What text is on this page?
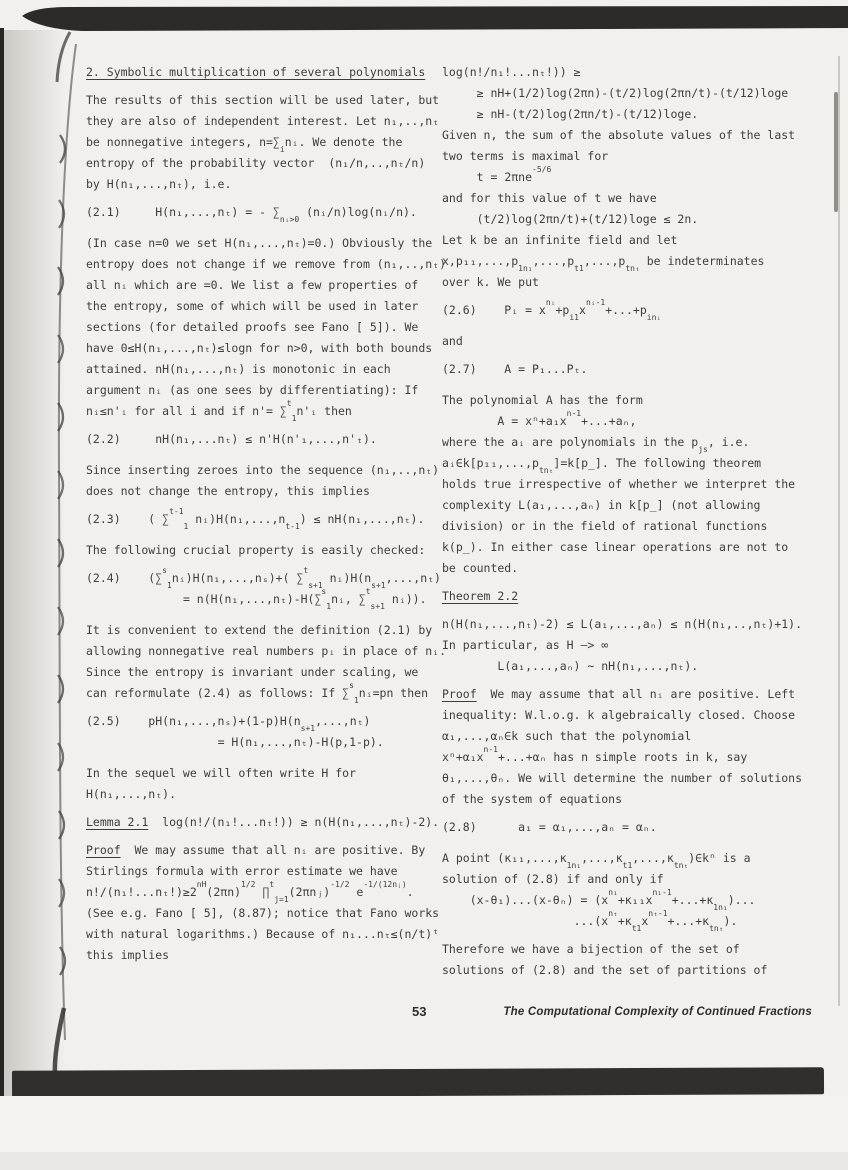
2. Symbolic multiplication of several polynomials

The results of this section will be used later, but
they are also of independent interest. Let n₁,..,nₜ
be nonnegative integers, $n=\sum_inᵢ$. We denote the
entropy of the probability vector  (n₁/n,..,nₜ/n)
by H(n₁,...,nₜ), i.e.

(2.1)     H(n₁,...,nₜ) = - $\sum_{nᵢ>0}$ (nᵢ/n)log(nᵢ/n).

(In case n=0 we set H(n₁,...,nₜ)=0.) Obviously the
entropy does not change if we remove from (n₁,..,nₜ)
all nᵢ which are =0. We list a few properties of
the entropy, some of which will be used in later
sections (for detailed proofs see Fano [ 5]). We
have 0≤H(n₁,...,nₜ)≤logn for n>0, with both bounds
attained. nH(n₁,...,nₜ) is monotonic in each
argument nᵢ (as one sees by differentiating): If
nᵢ≤n'ᵢ for all i and if n'= ∑$^t_1$n'ᵢ then

(2.2)     nH(n₁,...nₜ) ≤ n'H(n'₁,...,n'ₜ).

Since inserting zeroes into the sequence (n₁,..,nₜ)
does not change the entropy, this implies

(2.3)    ( ∑$^{t-1}_1$ $nᵢ)H(n_1,...,n_{t-1}) \le nH(n_1,...,n_t)$.

The following crucial property is easily checked:

(2.4)    (∑$^s_1$nᵢ)H(n₁,...,nₛ)+( ∑$^t_{s+1}$ $nᵢ)H(n_{s+1},...,n_t)$
= n(H(n₁,...,nₜ)-H(∑$^s_1$nᵢ, ∑$^t_{s+1}$ nᵢ)).

It is convenient to extend the definition (2.1) by
allowing nonnegative real numbers pᵢ in place of nᵢ.
Since the entropy is invariant under scaling, we
can reformulate (2.4) as follows: If ∑$^s_1$nᵢ=pn then

(2.5)    $pH(n_1,...,n_s)+(1-p)H(n_{s+1},...,n_t)$
= H(n₁,...,nₜ)-H(p,1-p).

In the sequel we will often write H for
H(n₁,...,nₜ).

Lemma 2.1  log(n!/(n₁!...nₜ!)) ≥ n(H(n₁,...,nₜ)-2).

Proof  We may assume that all nᵢ are positive. By
Stirlings formula with error estimate we have
$n!/(n_1!...n_t!)\ge 2^{nH}(2\pi n)^{1/2}$ ∏$^t_{j=1}$(2πnⱼ)$^{-1/2}$ $e^{-1/(12nⱼ)}$.
(See e.g. Fano [ 5], (8.87); notice that Fano works
with natural logarithms.) Because of n₁...nₜ≤(n/t)ᵗ
this implies

log(n!/n₁!...nₜ!)) ≥
≥ nH+(1/2)log(2πn)-(t/2)log(2πn/t)-(t/12)loge
≥ nH-(t/2)log(2πn/t)-(t/12)loge.
Given n, the sum of the absolute values of the last
two terms is maximal for
t = 2πne$^{-5/6}$
and for this value of t we have
(t/2)log(2πn/t)+(t/12)loge ≤ 2n.
Let k be an infinite field and let
$x,p_{11},...,p_{1n_1},...,p_{t1},...,p_{tn_t}$ be indeterminates
over k. We put

(2.6)    Pᵢ = $x^{nᵢ}+p_{i1}x^{nᵢ-1}+...+p_{inᵢ}$

and

(2.7)    A = P₁...Pₜ.

The polynomial A has the form
$A = x^n+a_1x^{n-1}+...+a_n$,
where the aᵢ are polynomials in the $p_{js}$, i.e.
$aᵢ\in k[p_{11},...,p_{tn_t}]=k[p̲]$. The following theorem
holds true irrespective of whether we interpret the
complexity L(a₁,...,aₙ) in k[p̲] (not allowing
division) or in the field of rational functions
k(p̲). In either case linear operations are not to
be counted.

Theorem 2.2

n(H(n₁,...,nₜ)-2) ≤ L(a₁,...,aₙ) ≤ n(H(n₁,..,nₜ)+1).
In particular, as H —> ∞
L(a₁,...,aₙ) ∼ nH(n₁,...,nₜ).

Proof  We may assume that all nᵢ are positive. Left
inequality: W.l.o.g. k algebraically closed. Choose
α₁,...,αₙ∈k such that the polynomial
$x^n+\alpha_1x^{n-1}+...+\alpha_n$ has n simple roots in k, say
θ₁,...,θₙ. We will determine the number of solutions
of the system of equations

(2.8)      a₁ = α₁,...,aₙ = αₙ.

A point $(\kappa_{11},...,\kappa_{1n_1},...,\kappa_{t1},...,\kappa_{tn_t})\in k^n$ is a
solution of (2.8) if and only if
$(x-\theta_1)...(x-\theta_n) = (x^{n_1}+\kappa_{11}x^{n_1-1}+...+\kappa_{1n_1})$...
$...(x^{n_t}+\kappa_{t1}x^{n_t-1}+...+\kappa_{tn_t})$.

Therefore we have a bijection of the set of
solutions of (2.8) and the set of partitions of

53	The Computational Complexity of Continued Fractions
